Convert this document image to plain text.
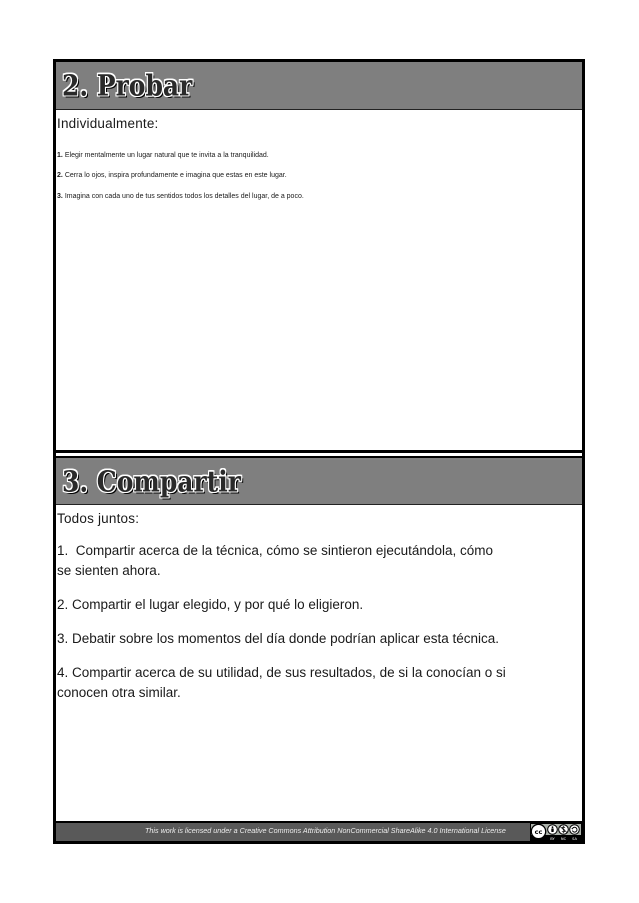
2. Probar
Individualmente:
1. Elegir mentalmente un lugar natural que te invita a la tranquilidad.
2. Cerra lo ojos, inspira profundamente e imagina que estas en este lugar.
3. Imagina con cada uno de tus sentidos todos los detalles del lugar, de a poco.
3. Compartir
Todos juntos:
1.  Compartir acerca de la técnica, cómo se sintieron ejecutándola, cómo
se sienten ahora.
2. Compartir el lugar elegido, y por qué lo eligieron.
3. Debatir sobre los momentos del día donde podrían aplicar esta técnica.
4. Compartir acerca de su utilidad, de sus resultados, de si la conocían o si
conocen otra similar.
This work is licensed under a Creative Commons Attribution NonCommercial ShareAlike 4.0 International License	cc
BY NC SA
